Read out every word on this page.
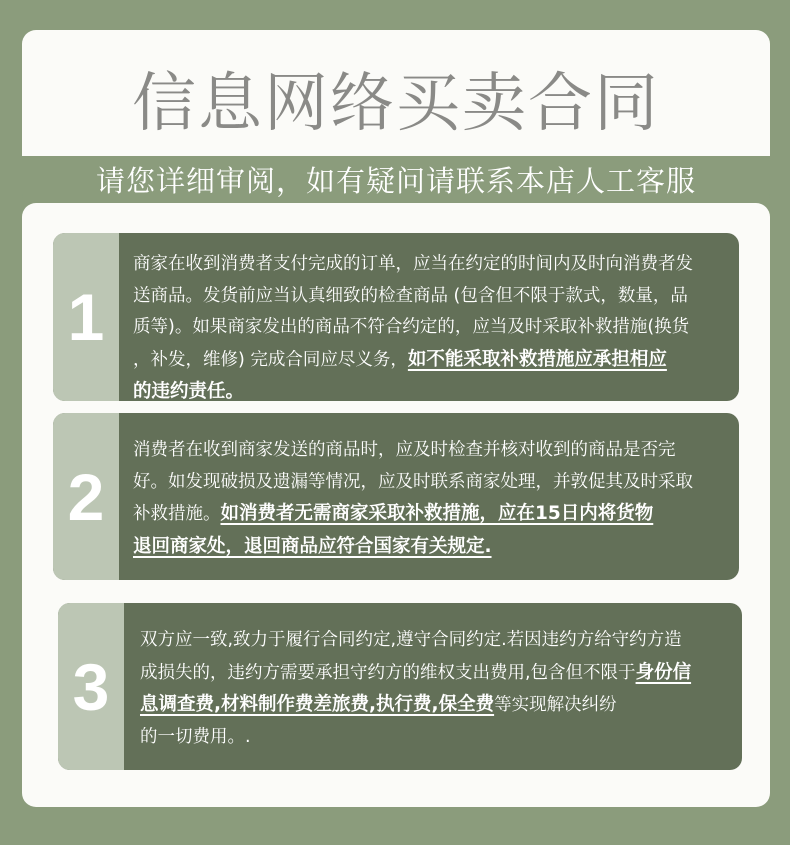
信息网络买卖合同
请您详细审阅，如有疑问请联系本店人工客服
1
商家在收到消费者支付完成的订单，应当在约定的时间内及时向消费者发
送商品。发货前应当认真细致的检查商品 (包含但不限于款式，数量，品
质等)。如果商家发出的商品不符合约定的，应当及时采取补救措施(换货
，补发，维修) 完成合同应尽义务，如不能采取补救措施应承担相应
的违约责任。
2
消费者在收到商家发送的商品时，应及时检查并核对收到的商品是否完
好。如发现破损及遗漏等情况，应及时联系商家处理，并敦促其及时采取
补救措施。如消费者无需商家采取补救措施，应在15日内将货物
退回商家处，退回商品应符合国家有关规定.
3
双方应一致,致力于履行合同约定,遵守合同约定.若因违约方给守约方造
成损失的，违约方需要承担守约方的维权支出费用,包含但不限于身份信
息调查费,材料制作费差旅费,执行费,保全费等实现解决纠纷
的一切费用。.
